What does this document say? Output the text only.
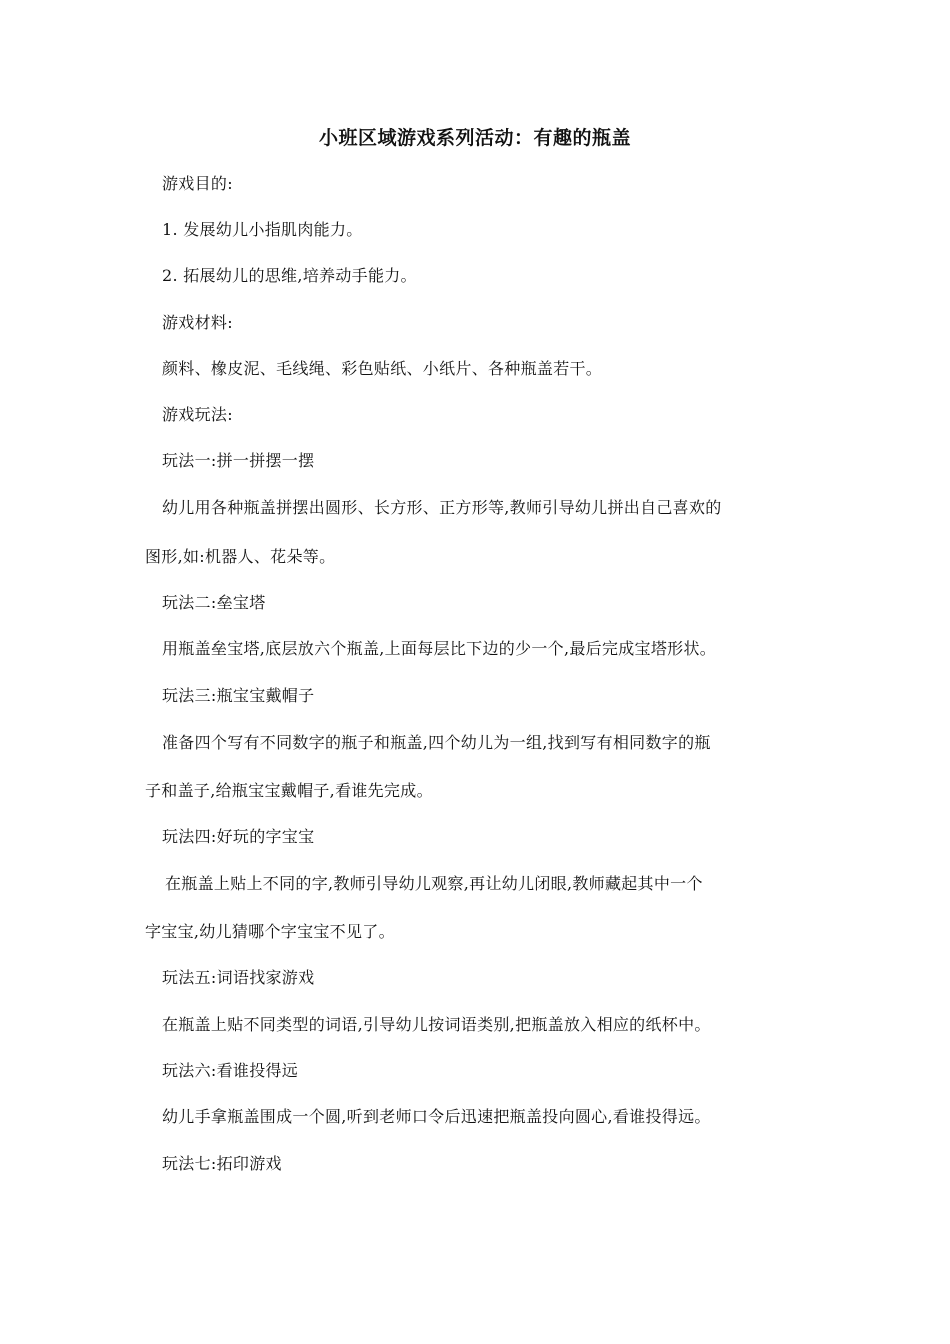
小班区域游戏系列活动：有趣的瓶盖
游戏目的:
1. 发展幼儿小指肌肉能力。
2. 拓展幼儿的思维,培养动手能力。
游戏材料:
颜料、橡皮泥、毛线绳、彩色贴纸、小纸片、各种瓶盖若干。
游戏玩法:
玩法一:拼一拼摆一摆
幼儿用各种瓶盖拼摆出圆形、长方形、正方形等,教师引导幼儿拼出自己喜欢的
图形,如:机器人、花朵等。
玩法二:垒宝塔
用瓶盖垒宝塔,底层放六个瓶盖,上面每层比下边的少一个,最后完成宝塔形状。
玩法三:瓶宝宝戴帽子
准备四个写有不同数字的瓶子和瓶盖,四个幼儿为一组,找到写有相同数字的瓶
子和盖子,给瓶宝宝戴帽子,看谁先完成。
玩法四:好玩的字宝宝
在瓶盖上贴上不同的字,教师引导幼儿观察,再让幼儿闭眼,教师藏起其中一个
字宝宝,幼儿猜哪个字宝宝不见了。
玩法五:词语找家游戏
在瓶盖上贴不同类型的词语,引导幼儿按词语类别,把瓶盖放入相应的纸杯中。
玩法六:看谁投得远
幼儿手拿瓶盖围成一个圆,听到老师口令后迅速把瓶盖投向圆心,看谁投得远。
玩法七:拓印游戏
